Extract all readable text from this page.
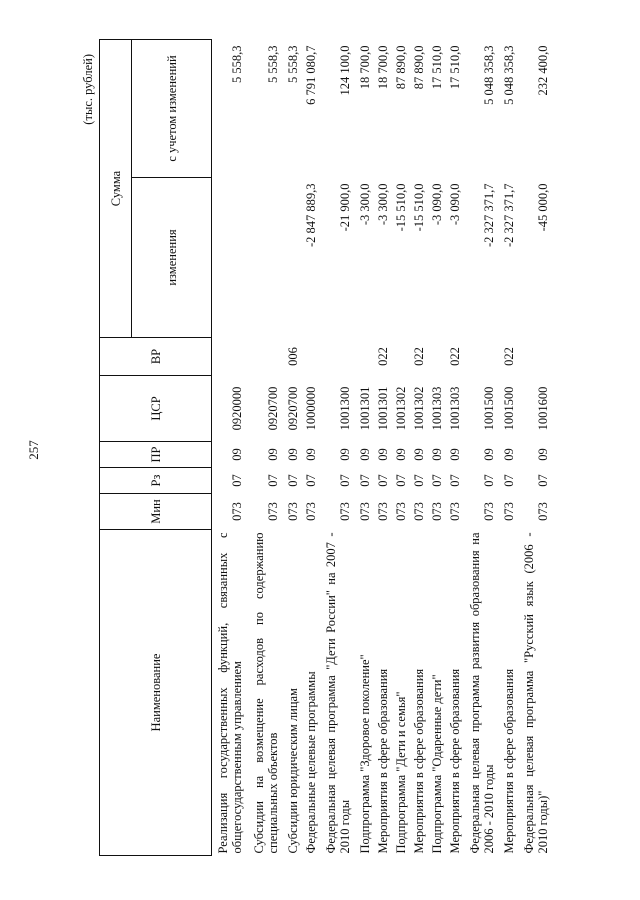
257
(тыс. рублей)
Наименование	Мин	Рз	ПР	ЦСР	ВР	Сумма	
						изменения	с учетом изменений
Реализация государственных функций, связанных с общегосударственным управлением	073	07	09	0920000			5 558,3
Субсидии на возмещение расходов по содержанию специальных объектов	073	07	09	0920700			5 558,3
Субсидии юридическим лицам	073	07	09	0920700	006		5 558,3
Федеральные целевые программы	073	07	09	1000000		-2 847 889,3	6 791 080,7
Федеральная целевая программа "Дети России" на 2007 - 2010 годы	073	07	09	1001300		-21 900,0	124 100,0
Подпрограмма "Здоровое поколение"	073	07	09	1001301		-3 300,0	18 700,0
Мероприятия в сфере образования	073	07	09	1001301	022	-3 300,0	18 700,0
Подпрограмма "Дети и семья"	073	07	09	1001302		-15 510,0	87 890,0
Мероприятия в сфере образования	073	07	09	1001302	022	-15 510,0	87 890,0
Подпрограмма "Одаренные дети"	073	07	09	1001303		-3 090,0	17 510,0
Мероприятия в сфере образования	073	07	09	1001303	022	-3 090,0	17 510,0
Федеральная целевая программа развития образования на 2006 - 2010 годы	073	07	09	1001500		-2 327 371,7	5 048 358,3
Мероприятия в сфере образования	073	07	09	1001500	022	-2 327 371,7	5 048 358,3
Федеральная целевая программа "Русский язык (2006 - 2010 годы)"	073	07	09	1001600		-45 000,0	232 400,0
